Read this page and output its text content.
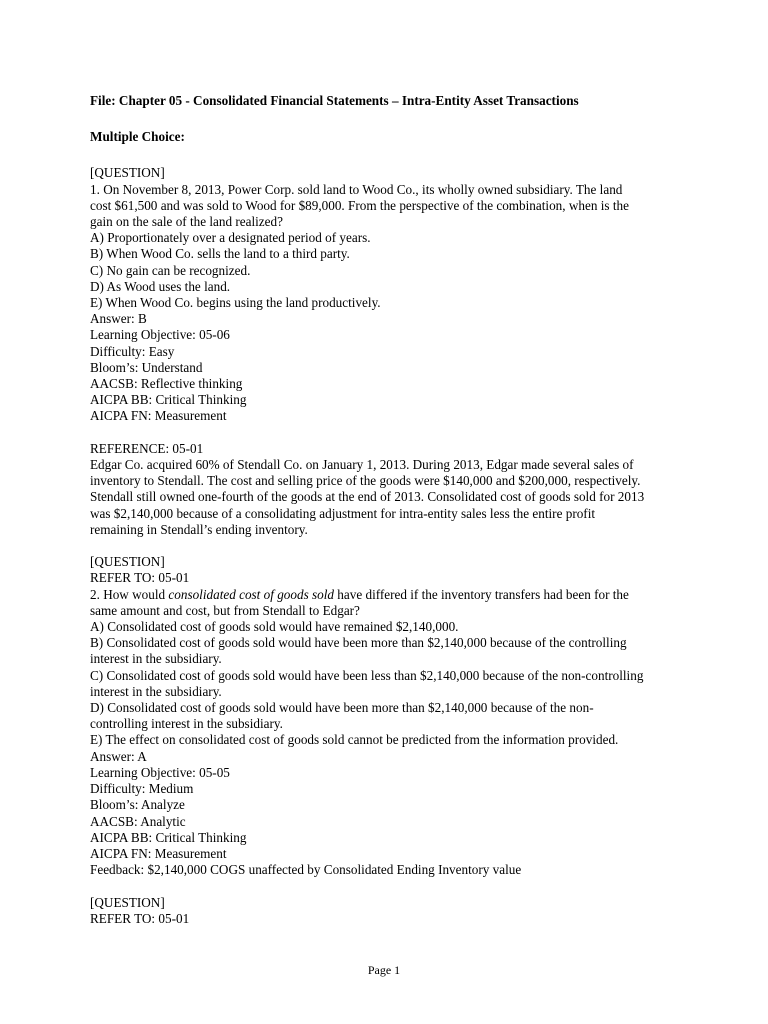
File: Chapter 05 - Consolidated Financial Statements – Intra-Entity Asset Transactions
Multiple Choice:
[QUESTION]
1. On November 8, 2013, Power Corp. sold land to Wood Co., its wholly owned subsidiary. The land
cost $61,500 and was sold to Wood for $89,000. From the perspective of the combination, when is the
gain on the sale of the land realized?
A) Proportionately over a designated period of years.
B) When Wood Co. sells the land to a third party.
C) No gain can be recognized.
D) As Wood uses the land.
E) When Wood Co. begins using the land productively.
Answer: B
Learning Objective: 05-06
Difficulty: Easy
Bloom’s: Understand
AACSB: Reflective thinking
AICPA BB: Critical Thinking
AICPA FN: Measurement
REFERENCE: 05-01
Edgar Co. acquired 60% of Stendall Co. on January 1, 2013. During 2013, Edgar made several sales of
inventory to Stendall. The cost and selling price of the goods were $140,000 and $200,000, respectively.
Stendall still owned one-fourth of the goods at the end of 2013. Consolidated cost of goods sold for 2013
was $2,140,000 because of a consolidating adjustment for intra-entity sales less the entire profit
remaining in Stendall’s ending inventory.
[QUESTION]
REFER TO: 05-01
2. How would consolidated cost of goods sold have differed if the inventory transfers had been for the
same amount and cost, but from Stendall to Edgar?
A) Consolidated cost of goods sold would have remained $2,140,000.
B) Consolidated cost of goods sold would have been more than $2,140,000 because of the controlling
interest in the subsidiary.
C) Consolidated cost of goods sold would have been less than $2,140,000 because of the non-controlling
interest in the subsidiary.
D) Consolidated cost of goods sold would have been more than $2,140,000 because of the non-
controlling interest in the subsidiary.
E) The effect on consolidated cost of goods sold cannot be predicted from the information provided.
Answer: A
Learning Objective: 05-05
Difficulty: Medium
Bloom’s: Analyze
AACSB: Analytic
AICPA BB: Critical Thinking
AICPA FN: Measurement
Feedback: $2,140,000 COGS unaffected by Consolidated Ending Inventory value
[QUESTION]
REFER TO: 05-01
Page 1
